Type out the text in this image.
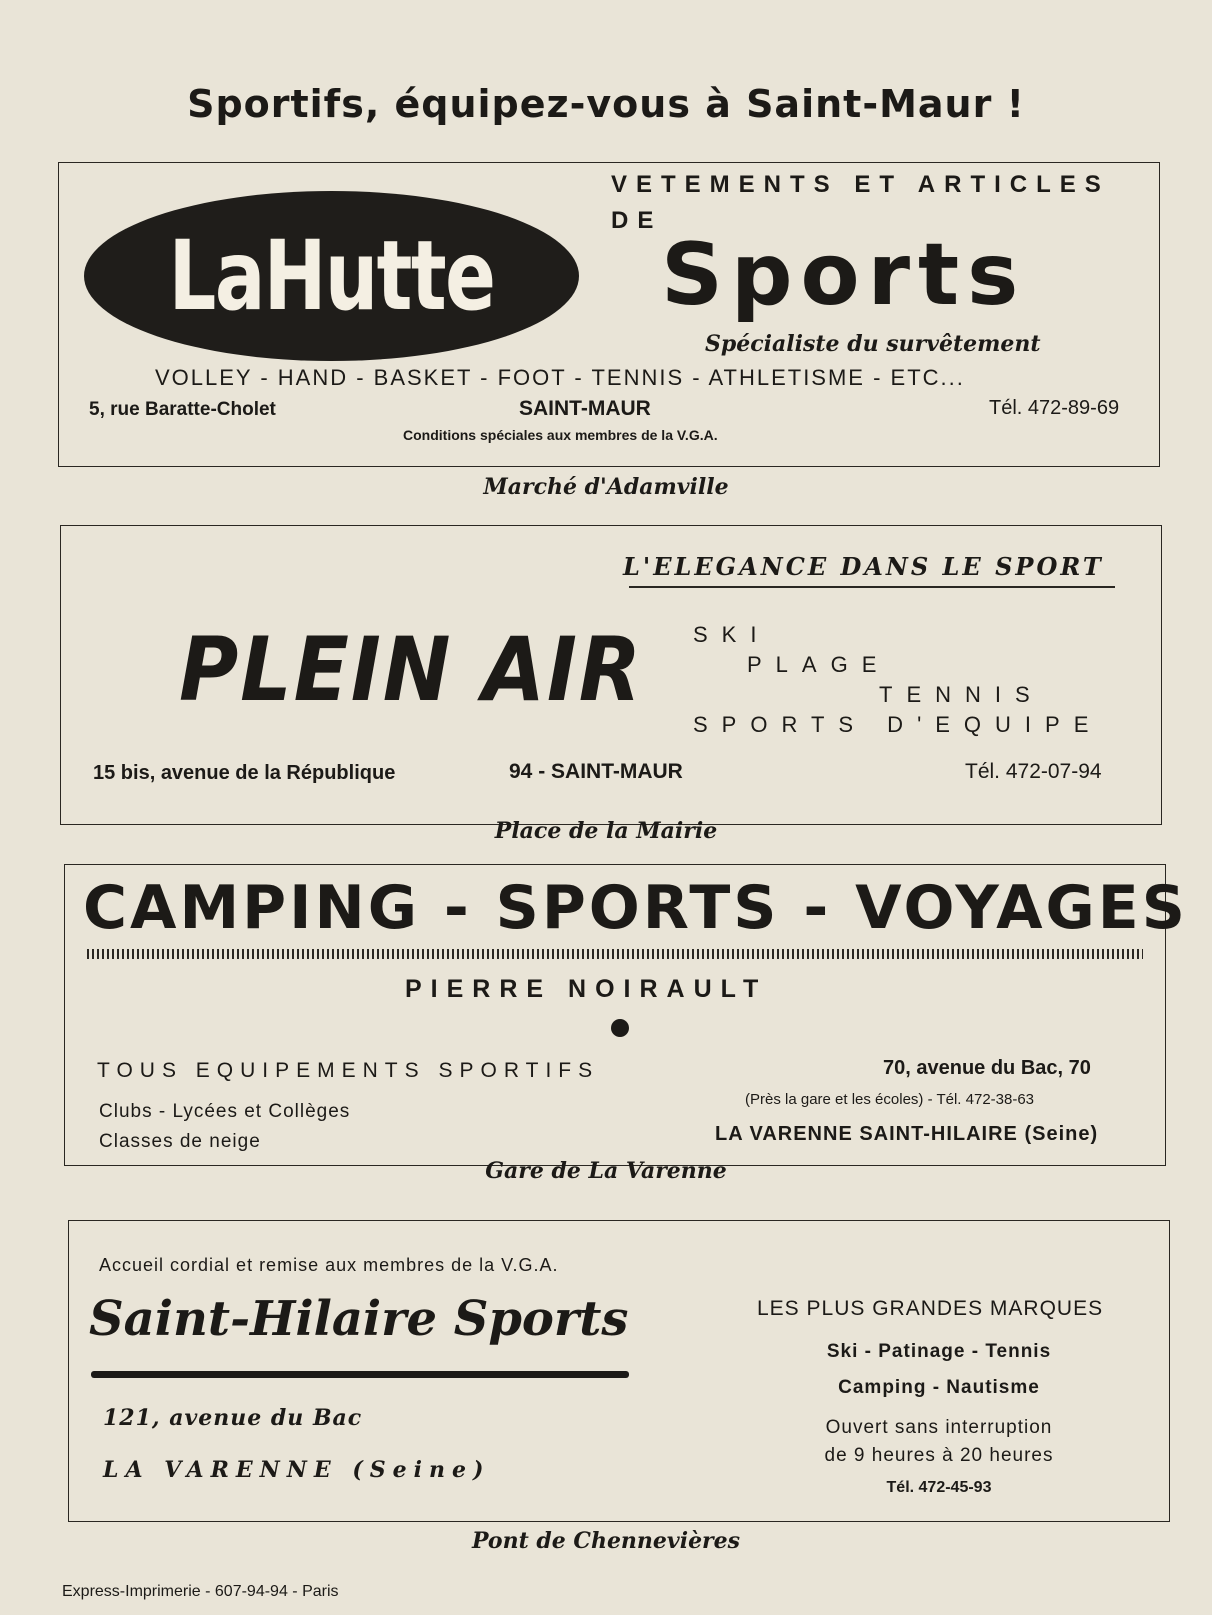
Sportifs, équipez-vous à Saint-Maur !
LaHutte
VETEMENTS ET ARTICLES
DE
Sports
Spécialiste du survêtement
VOLLEY - HAND - BASKET - FOOT - TENNIS - ATHLETISME - ETC...
5, rue Baratte-Cholet	SAINT-MAUR	Tél. 472-89-69
Conditions spéciales aux membres de la V.G.A.
Marché d'Adamville
L'ELEGANCE DANS LE SPORT
PLEIN AIR SKI
PLAGE
TENNIS
SPORTS D'EQUIPE
15 bis, avenue de la République	94 - SAINT-MAUR	Tél. 472-07-94
Place de la Mairie
CAMPING - SPORTS - VOYAGES
PIERRE NOIRAULT
TOUS EQUIPEMENTS SPORTIFS
Clubs - Lycées et Collèges
Classes de neige
70, avenue du Bac, 70
(Près la gare et les écoles) - Tél. 472-38-63
LA VARENNE SAINT-HILAIRE (Seine)
Gare de La Varenne
Accueil cordial et remise aux membres de la V.G.A.
Saint-Hilaire Sports
121, avenue du Bac
LA VARENNE (Seine)
LES PLUS GRANDES MARQUES
Ski - Patinage - Tennis
Camping - Nautisme
Ouvert sans interruption
de 9 heures à 20 heures
Tél. 472-45-93
Pont de Chennevières
Express-Imprimerie - 607-94-94 - Paris
